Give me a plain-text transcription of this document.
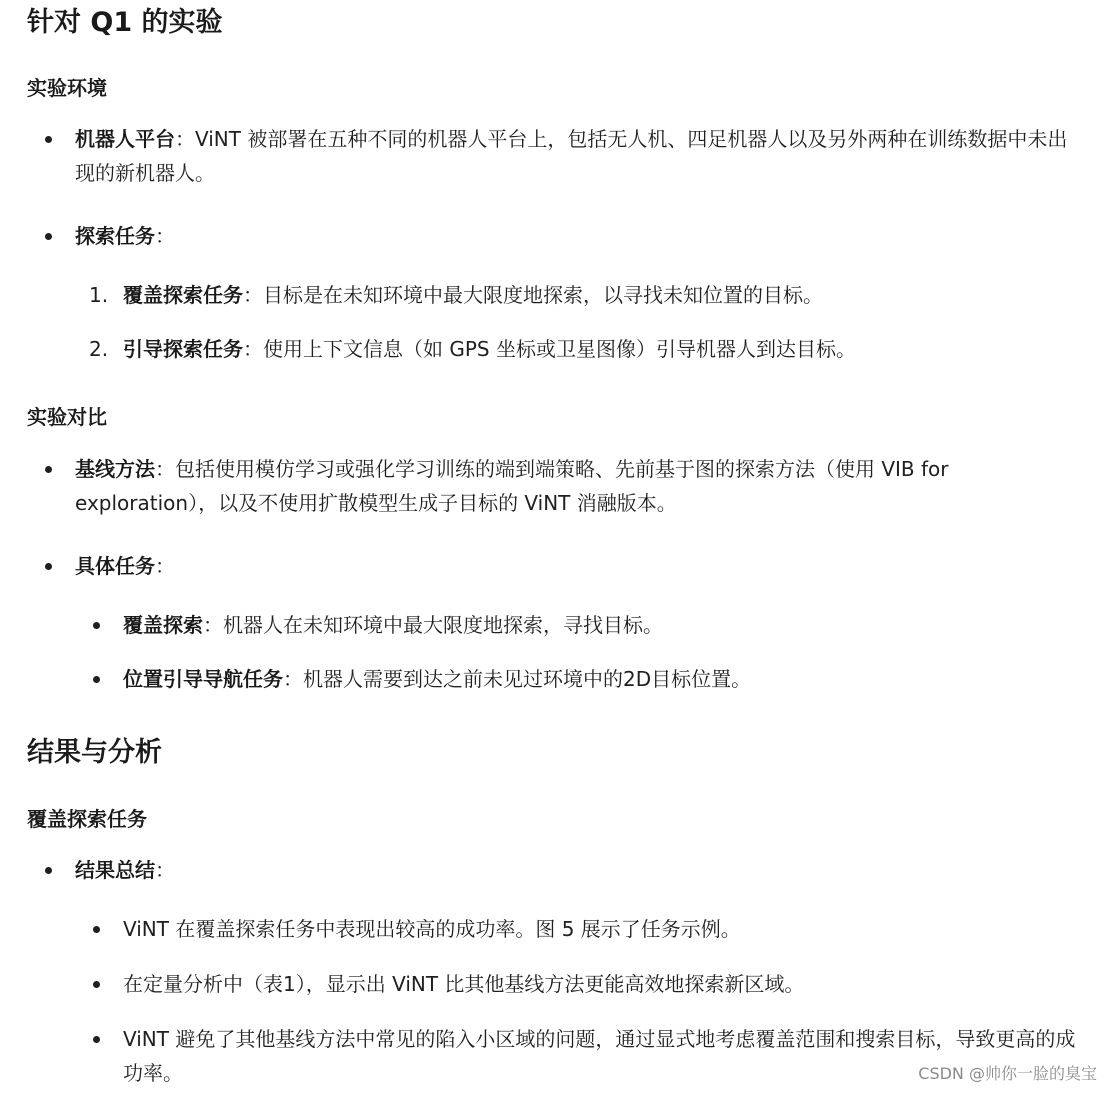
针对 Q1 的实验
实验环境
机器人平台：ViNT 被部署在五种不同的机器人平台上，包括无人机、四足机器人以及另外两种在训练数据中未出现的新机器人。
探索任务：
1. 覆盖探索任务：目标是在未知环境中最大限度地探索，以寻找未知位置的目标。
2. 引导探索任务：使用上下文信息（如 GPS 坐标或卫星图像）引导机器人到达目标。
实验对比
基线方法：包括使用模仿学习或强化学习训练的端到端策略、先前基于图的探索方法（使用 VIB for exploration），以及不使用扩散模型生成子目标的 ViNT 消融版本。
具体任务：
覆盖探索：机器人在未知环境中最大限度地探索，寻找目标。
位置引导导航任务：机器人需要到达之前未见过环境中的2D目标位置。
结果与分析
覆盖探索任务
结果总结：
ViNT 在覆盖探索任务中表现出较高的成功率。图 5 展示了任务示例。
在定量分析中（表1），显示出 ViNT 比其他基线方法更能高效地探索新区域。
ViNT 避免了其他基线方法中常见的陷入小区域的问题，通过显式地考虑覆盖范围和搜索目标，导致更高的成功率。	CSDN @帅你一脸的臭宝
